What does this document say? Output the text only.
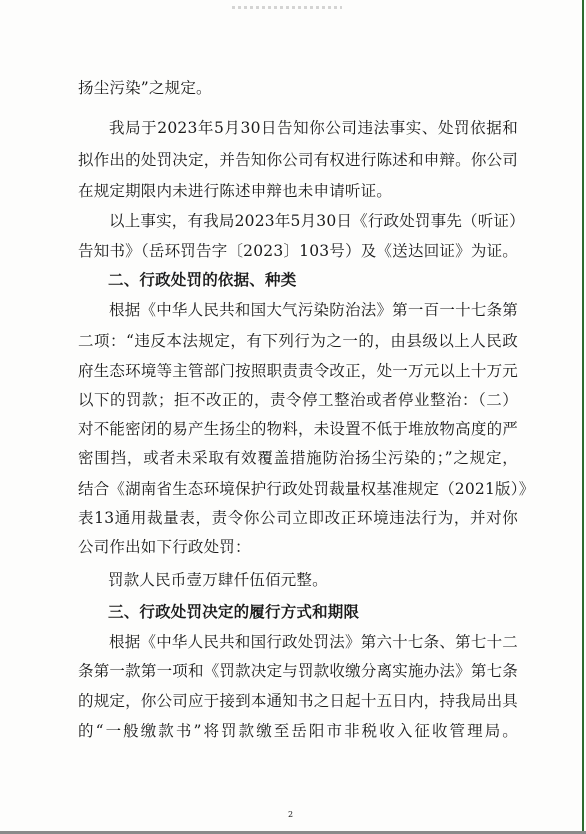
扬尘污染”之规定。
我局于2023年5月30日告知你公司违法事实、处罚依据和
拟作出的处罚决定，并告知你公司有权进行陈述和申辩。你公司
在规定期限内未进行陈述申辩也未申请听证。
以上事实，有我局2023年5月30日《行政处罚事先（听证）
告知书》（岳环罚告字〔2023〕103号）及《送达回证》为证。
二、行政处罚的依据、种类
根据《中华人民共和国大气污染防治法》第一百一十七条第
二项：“违反本法规定，有下列行为之一的，由县级以上人民政
府生态环境等主管部门按照职责责令改正，处一万元以上十万元
以下的罚款；拒不改正的，责令停工整治或者停业整治：（二）
对不能密闭的易产生扬尘的物料，未设置不低于堆放物高度的严
密围挡，或者未采取有效覆盖措施防治扬尘污染的；”之规定，
结合《湖南省生态环境保护行政处罚裁量权基准规定（2021版）》
表13通用裁量表，责令你公司立即改正环境违法行为，并对你
公司作出如下行政处罚：
罚款人民币壹万肆仟伍佰元整。
三、行政处罚决定的履行方式和期限
根据《中华人民共和国行政处罚法》第六十七条、第七十二
条第一款第一项和《罚款决定与罚款收缴分离实施办法》第七条
的规定，你公司应于接到本通知书之日起十五日内，持我局出具
的“一般缴款书”将罚款缴至岳阳市非税收入征收管理局。
2
